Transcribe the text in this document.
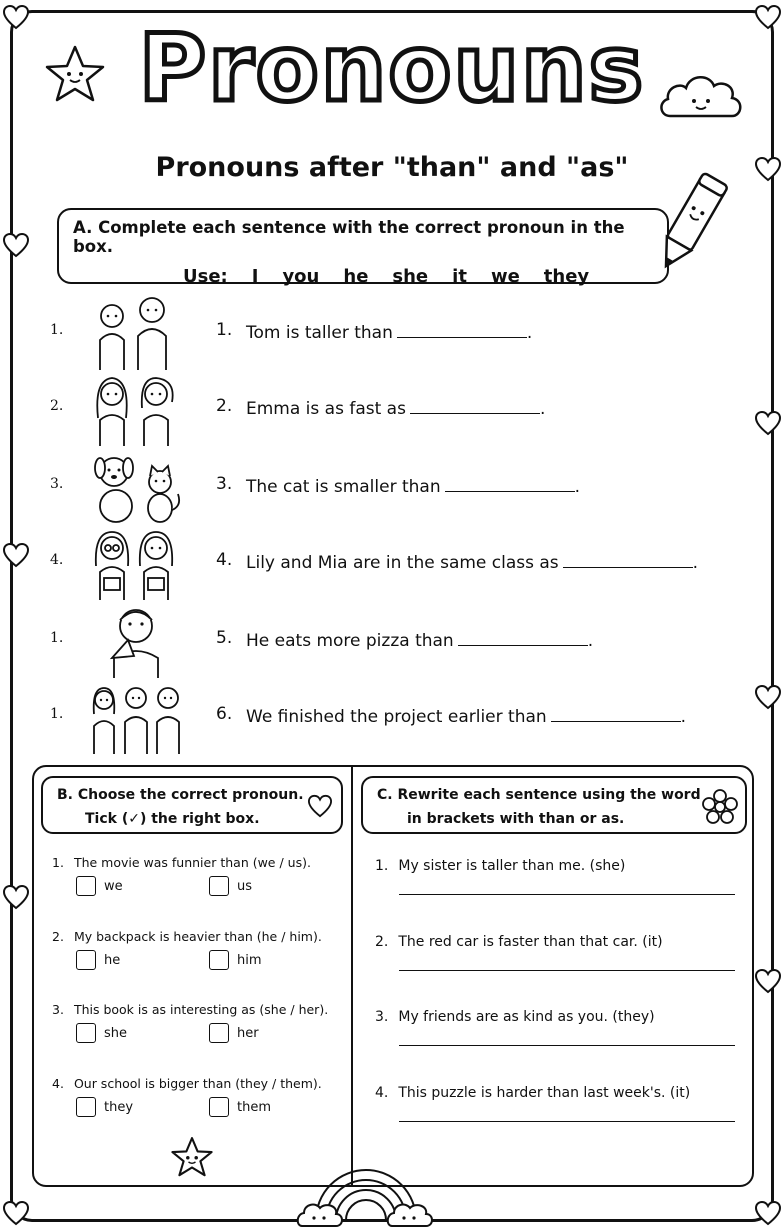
Pronouns
Pronouns after "than" and "as"
A. Complete each sentence with the correct pronoun in the box.
Use: I you he she it we they
1.	1. Tom is taller than	.
2.	2. Emma is as fast as	.
3.	3. The cat is smaller than	.
4.	4. Lily and Mia are in the same class as	.
1.	5. He eats more pizza than	.
1.	6. We finished the project earlier than	.
B. Choose the correct pronoun.
Tick (✓) the right box.
C. Rewrite each sentence using the word
in brackets with than or as.
1. The movie was funnier than (we / us).
we	us
2. My backpack is heavier than (he / him).
he	him
3. This book is as interesting as (she / her).
she	her
4. Our school is bigger than (they / them).
they	them
1. My sister is taller than me. (she)
2. The red car is faster than that car. (it)
3. My friends are as kind as you. (they)
4. This puzzle is harder than last week's. (it)
